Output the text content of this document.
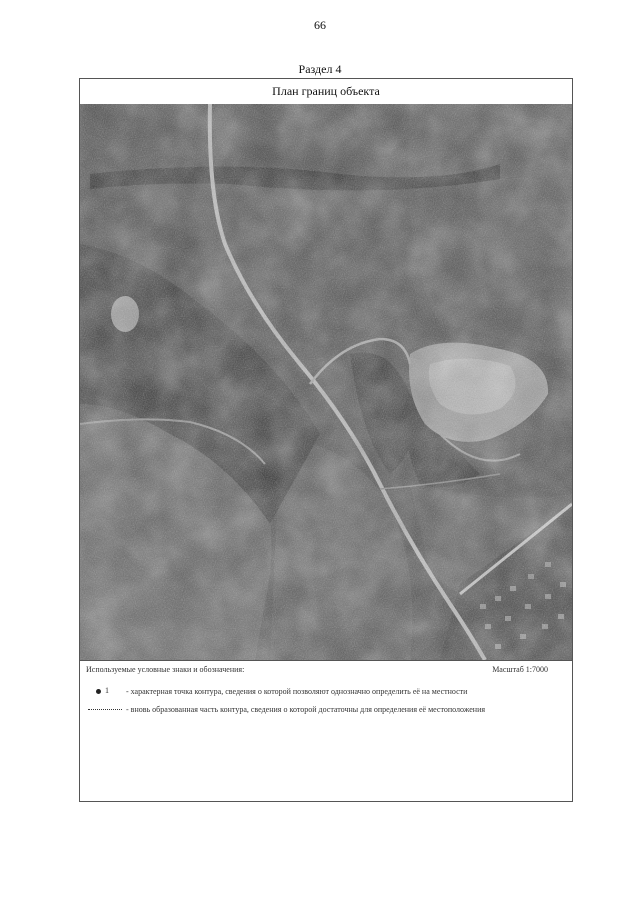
66
Раздел 4
План границ объекта
Используемые условные знаки и обозначения:	Масштаб 1:7000
1 - характерная точка контура, сведения о которой позволяют однозначно определить её на местности
- вновь образованная часть контура, сведения о которой достаточны для определения её местоположения
